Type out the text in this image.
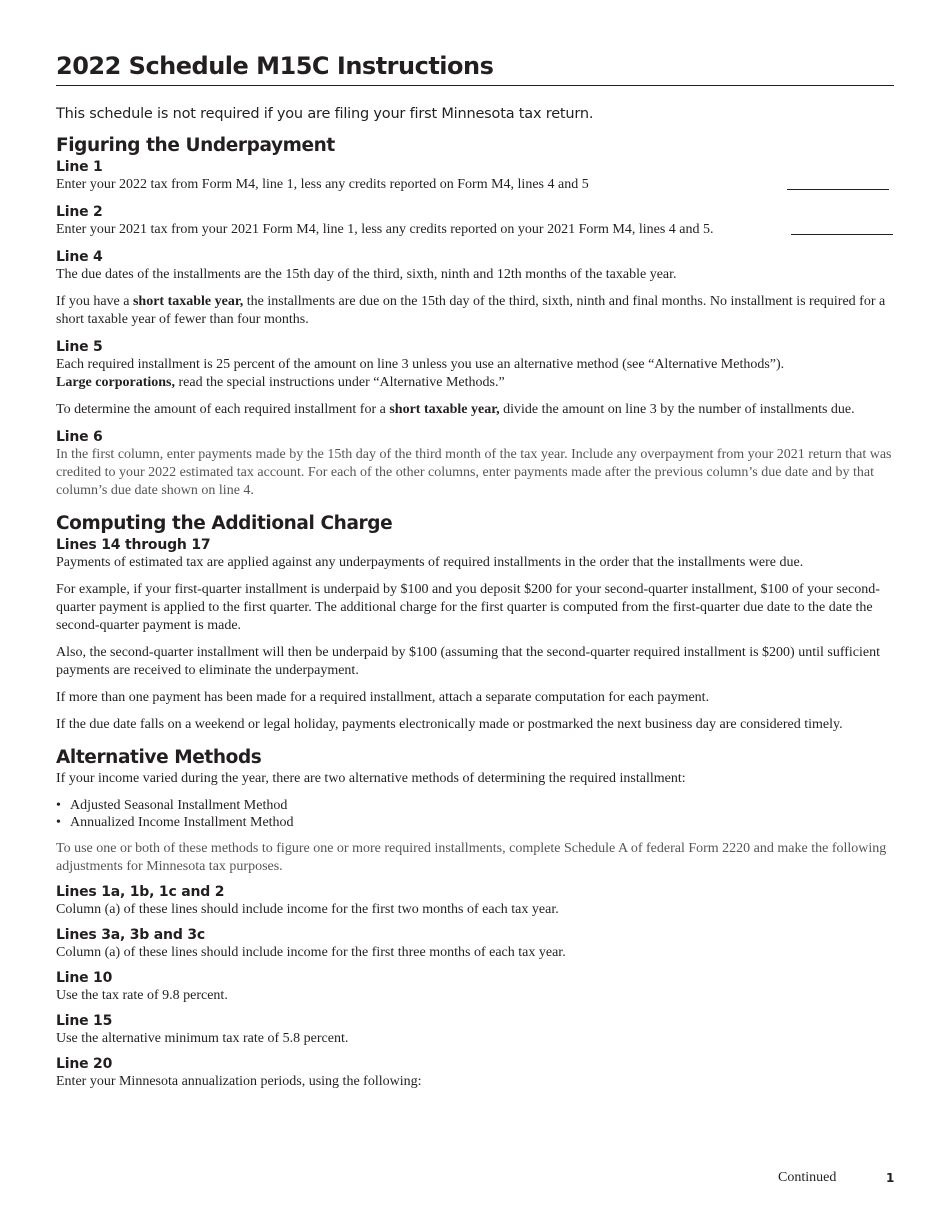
2022 Schedule M15C Instructions
This schedule is not required if you are filing your first Minnesota tax return.
Figuring the Underpayment
Line 1

Enter your 2022 tax from Form M4, line 1, less any credits reported on Form M4, lines 4 and 5

Line 2

Enter your 2021 tax from your 2021 Form M4, line 1, less any credits reported on your 2021 Form M4, lines 4 and 5.

Line 4

The due dates of the installments are the 15th day of the third, sixth, ninth and 12th months of the taxable year.

If you have a short taxable year, the installments are due on the 15th day of the third, sixth, ninth and final months. No installment is required for a short taxable year of fewer than four months.

Line 5

Each required installment is 25 percent of the amount on line 3 unless you use an alternative method (see “Alternative Methods”).
Large corporations, read the special instructions under “Alternative Methods.”

To determine the amount of each required installment for a short taxable year, divide the amount on line 3 by the number of installments due.

Line 6

In the first column, enter payments made by the 15th day of the third month of the tax year. Include any overpayment from your 2021 return that was credited to your 2022 estimated tax account. For each of the other columns, enter payments made after the previous column’s due date and by that column’s due date shown on line 4.

Computing the Additional Charge
Lines 14 through 17

Payments of estimated tax are applied against any underpayments of required installments in the order that the installments were due.

For example, if your first-quarter installment is underpaid by $100 and you deposit $200 for your second-quarter installment, $100 of your second-quarter payment is applied to the first quarter. The additional charge for the first quarter is computed from the first-quarter due date to the date the second-quarter payment is made.

Also, the second-quarter installment will then be underpaid by $100 (assuming that the second-quarter required installment is $200) until sufficient payments are received to eliminate the underpayment.

If more than one payment has been made for a required installment, attach a separate computation for each payment.

If the due date falls on a weekend or legal holiday, payments electronically made or postmarked the next business day are considered timely.

Alternative Methods

If your income varied during the year, there are two alternative methods of determining the required installment:

• Adjusted Seasonal Installment Method
• Annualized Income Installment Method

To use one or both of these methods to figure one or more required installments, complete Schedule A of federal Form 2220 and make the following adjustments for Minnesota tax purposes.

Lines 1a, 1b, 1c and 2

Column (a) of these lines should include income for the first two months of each tax year.

Lines 3a, 3b and 3c

Column (a) of these lines should include income for the first three months of each tax year.

Line 10

Use the tax rate of 9.8 percent.

Line 15

Use the alternative minimum tax rate of 5.8 percent.

Line 20

Enter your Minnesota annualization periods, using the following:

Continued	1
